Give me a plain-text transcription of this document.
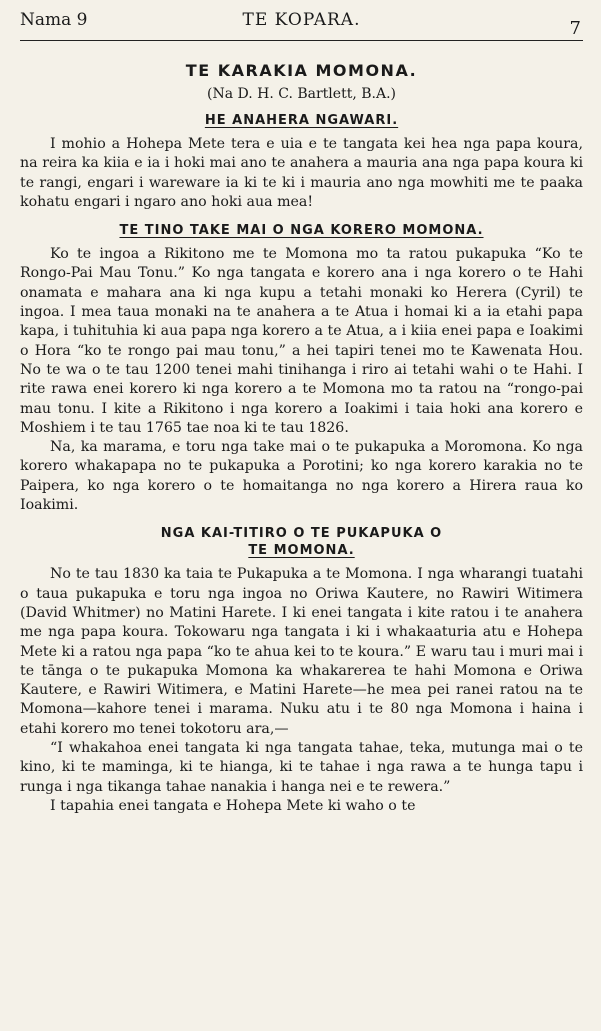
Nama 9	TE KOPARA.	7
TE KARAKIA MOMONA.
(Na D. H. C. Bartlett, B.A.)
HE ANAHERA NGAWARI.

I mohio a Hohepa Mete tera e uia e te tangata kei hea nga papa koura, na reira ka kiia e ia i hoki mai ano te anahera a mauria ana nga papa koura ki te rangi, engari i wareware ia ki te ki i mauria ano nga mowhiti me te paaka kohatu engari i ngaro ano hoki aua mea!

TE TINO TAKE MAI O NGA KORERO MOMONA.

Ko te ingoa a Rikitono me te Momona mo ta ratou pukapuka “Ko te Rongo-Pai Mau Tonu.” Ko nga tangata e korero ana i nga korero o te Hahi onamata e mahara ana ki nga kupu a tetahi monaki ko Herera (Cyril) te ingoa. I mea taua monaki na te anahera a te Atua i homai ki a ia etahi papa kapa, i tuhituhia ki aua papa nga korero a te Atua, a i kiia enei papa e Ioakimi o Hora “ko te rongo pai mau tonu,” a hei tapiri tenei mo te Kawenata Hou. No te wa o te tau 1200 tenei mahi tinihanga i riro ai tetahi wahi o te Hahi. I rite rawa enei korero ki nga korero a te Momona mo ta ratou na “rongo-pai mau tonu. I kite a Rikitono i nga korero a Ioakimi i taia hoki ana korero e Moshiem i te tau 1765 tae noa ki te tau 1826.

Na, ka marama, e toru nga take mai o te pukapuka a Moromona. Ko nga korero whakapapa no te pukapuka a Porotini; ko nga korero karakia no te Paipera, ko nga korero o te homaitanga no nga korero a Hirera raua ko Ioakimi.

NGA KAI-TITIRO O TE PUKAPUKA O
TE MOMONA.

No te tau 1830 ka taia te Pukapuka a te Momona. I nga wharangi tuatahi o taua pukapuka e toru nga ingoa no Oriwa Kautere, no Rawiri Witimera (David Whitmer) no Matini Harete. I ki enei tangata i kite ratou i te anahera me nga papa koura. Tokowaru nga tangata i ki i whakaaturia atu e Hohepa Mete ki a ratou nga papa “ko te ahua kei to te koura.” E waru tau i muri mai i te tānga o te pukapuka Momona ka whakarerea te hahi Momona e Oriwa Kautere, e Rawiri Witimera, e Matini Harete—he mea pei ranei ratou na te Momona—kahore tenei i marama. Nuku atu i te 80 nga Momona i haina i etahi korero mo tenei tokotoru ara,—

“I whakahoa enei tangata ki nga tangata tahae, teka, mutunga mai o te kino, ki te maminga, ki te hianga, ki te tahae i nga rawa a te hunga tapu i runga i nga tikanga tahae nanakia i hanga nei e te rewera.”

I tapahia enei tangata e Hohepa Mete ki waho o te
